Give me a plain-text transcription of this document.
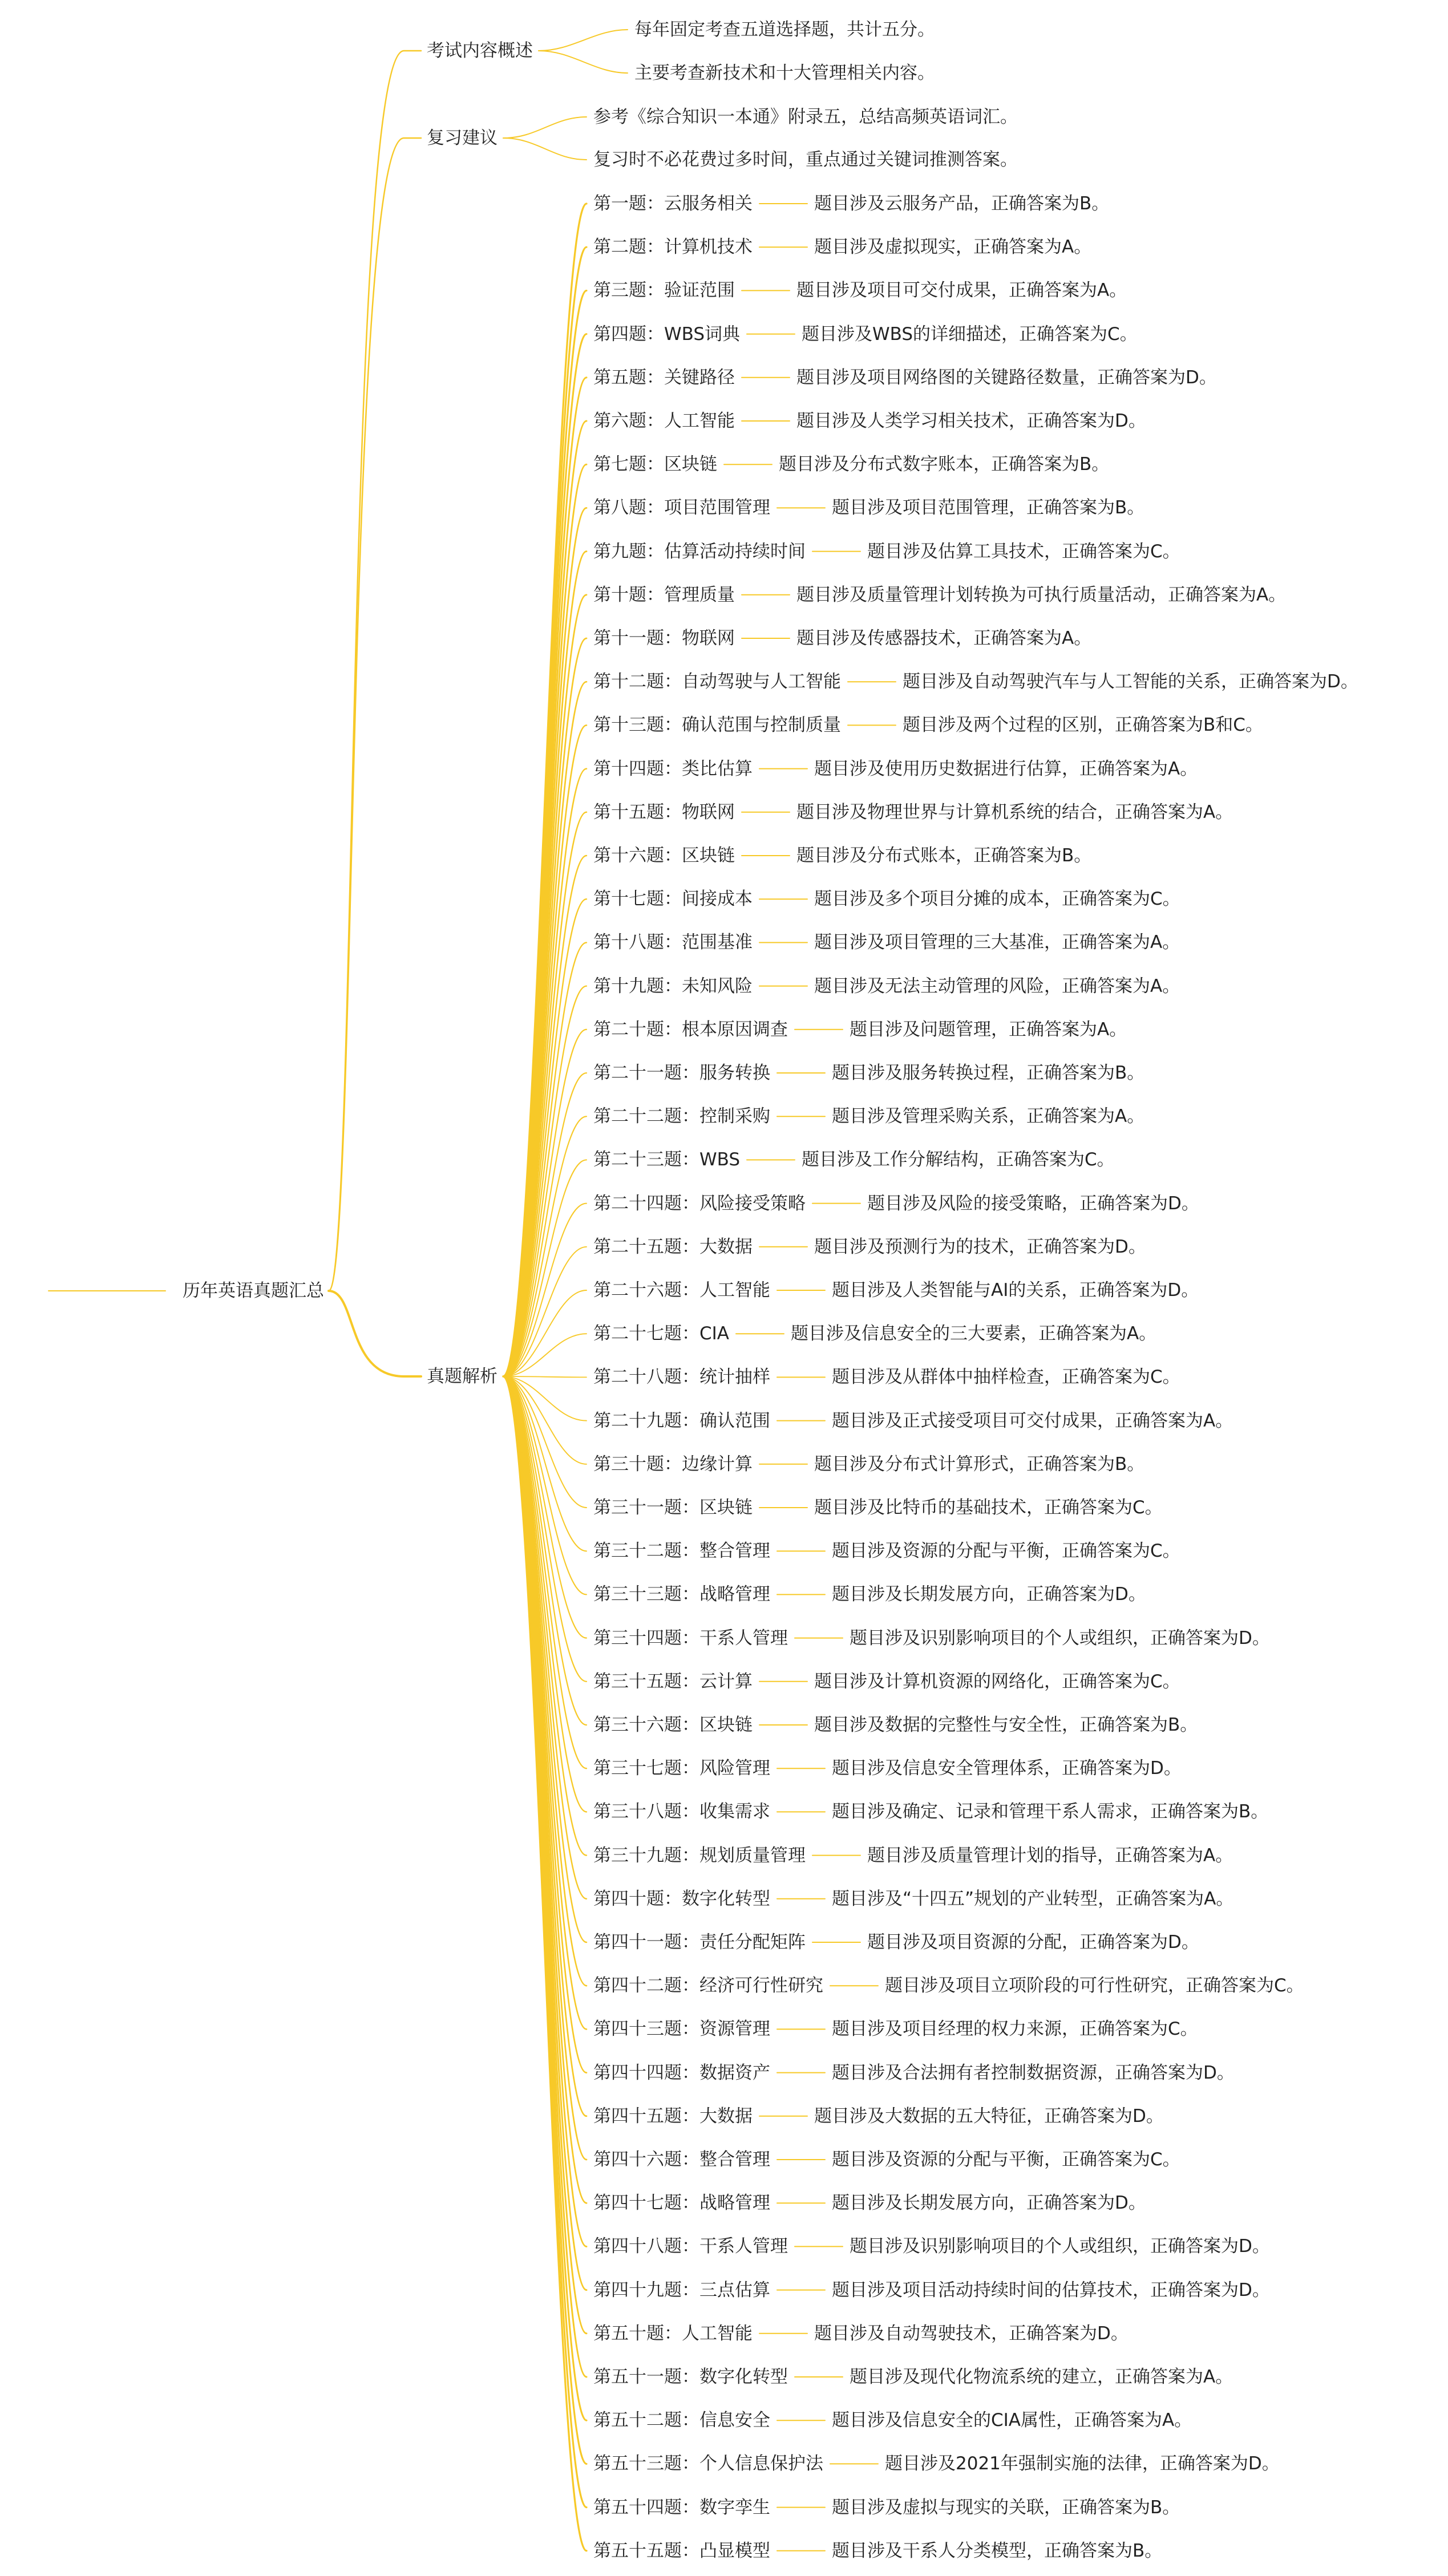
历年英语真题汇总
考试内容概述
每年固定考查五道选择题，共计五分。
主要考查新技术和十大管理相关内容。
复习建议
参考《综合知识一本通》附录五，总结高频英语词汇。
复习时不必花费过多时间，重点通过关键词推测答案。
真题解析
第一题：云服务相关	题目涉及云服务产品，正确答案为B。
第二题：计算机技术	题目涉及虚拟现实，正确答案为A。
第三题：验证范围	题目涉及项目可交付成果，正确答案为A。
第四题：WBS词典	题目涉及WBS的详细描述，正确答案为C。
第五题：关键路径	题目涉及项目网络图的关键路径数量，正确答案为D。
第六题：人工智能	题目涉及人类学习相关技术，正确答案为D。
第七题：区块链	题目涉及分布式数字账本，正确答案为B。
第八题：项目范围管理	题目涉及项目范围管理，正确答案为B。
第九题：估算活动持续时间	题目涉及估算工具技术，正确答案为C。
第十题：管理质量	题目涉及质量管理计划转换为可执行质量活动，正确答案为A。
第十一题：物联网	题目涉及传感器技术，正确答案为A。
第十二题：自动驾驶与人工智能	题目涉及自动驾驶汽车与人工智能的关系，正确答案为D。
第十三题：确认范围与控制质量	题目涉及两个过程的区别，正确答案为B和C。
第十四题：类比估算	题目涉及使用历史数据进行估算，正确答案为A。
第十五题：物联网	题目涉及物理世界与计算机系统的结合，正确答案为A。
第十六题：区块链	题目涉及分布式账本，正确答案为B。
第十七题：间接成本	题目涉及多个项目分摊的成本，正确答案为C。
第十八题：范围基准	题目涉及项目管理的三大基准，正确答案为A。
第十九题：未知风险	题目涉及无法主动管理的风险，正确答案为A。
第二十题：根本原因调查	题目涉及问题管理，正确答案为A。
第二十一题：服务转换	题目涉及服务转换过程，正确答案为B。
第二十二题：控制采购	题目涉及管理采购关系，正确答案为A。
第二十三题：WBS	题目涉及工作分解结构，正确答案为C。
第二十四题：风险接受策略	题目涉及风险的接受策略，正确答案为D。
第二十五题：大数据	题目涉及预测行为的技术，正确答案为D。
第二十六题：人工智能	题目涉及人类智能与AI的关系，正确答案为D。
第二十七题：CIA	题目涉及信息安全的三大要素，正确答案为A。
第二十八题：统计抽样	题目涉及从群体中抽样检查，正确答案为C。
第二十九题：确认范围	题目涉及正式接受项目可交付成果，正确答案为A。
第三十题：边缘计算	题目涉及分布式计算形式，正确答案为B。
第三十一题：区块链	题目涉及比特币的基础技术，正确答案为C。
第三十二题：整合管理	题目涉及资源的分配与平衡，正确答案为C。
第三十三题：战略管理	题目涉及长期发展方向，正确答案为D。
第三十四题：干系人管理	题目涉及识别影响项目的个人或组织，正确答案为D。
第三十五题：云计算	题目涉及计算机资源的网络化，正确答案为C。
第三十六题：区块链	题目涉及数据的完整性与安全性，正确答案为B。
第三十七题：风险管理	题目涉及信息安全管理体系，正确答案为D。
第三十八题：收集需求	题目涉及确定、记录和管理干系人需求，正确答案为B。
第三十九题：规划质量管理	题目涉及质量管理计划的指导，正确答案为A。
第四十题：数字化转型	题目涉及“十四五”规划的产业转型，正确答案为A。
第四十一题：责任分配矩阵	题目涉及项目资源的分配，正确答案为D。
第四十二题：经济可行性研究	题目涉及项目立项阶段的可行性研究，正确答案为C。
第四十三题：资源管理	题目涉及项目经理的权力来源，正确答案为C。
第四十四题：数据资产	题目涉及合法拥有者控制数据资源，正确答案为D。
第四十五题：大数据	题目涉及大数据的五大特征，正确答案为D。
第四十六题：整合管理	题目涉及资源的分配与平衡，正确答案为C。
第四十七题：战略管理	题目涉及长期发展方向，正确答案为D。
第四十八题：干系人管理	题目涉及识别影响项目的个人或组织，正确答案为D。
第四十九题：三点估算	题目涉及项目活动持续时间的估算技术，正确答案为D。
第五十题：人工智能	题目涉及自动驾驶技术，正确答案为D。
第五十一题：数字化转型	题目涉及现代化物流系统的建立，正确答案为A。
第五十二题：信息安全	题目涉及信息安全的CIA属性，正确答案为A。
第五十三题：个人信息保护法	题目涉及2021年强制实施的法律，正确答案为D。
第五十四题：数字孪生	题目涉及虚拟与现实的关联，正确答案为B。
第五十五题：凸显模型	题目涉及干系人分类模型，正确答案为B。
